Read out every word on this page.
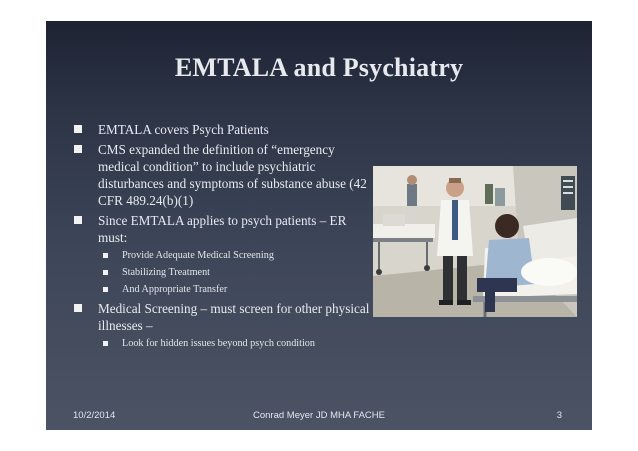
EMTALA and Psychiatry
EMTALA covers Psych Patients
CMS expanded the definition of “emergency medical condition” to include psychiatric disturbances and symptoms of substance abuse (42 CFR 489.24(b)(1)
Since EMTALA applies to psych patients – ER must:
Provide Adequate Medical Screening
Stabilizing Treatment
And Appropriate Transfer
Medical Screening – must screen for other physical illnesses –
Look for hidden issues beyond psych condition
10/2/2014	Conrad Meyer JD MHA FACHE	3
